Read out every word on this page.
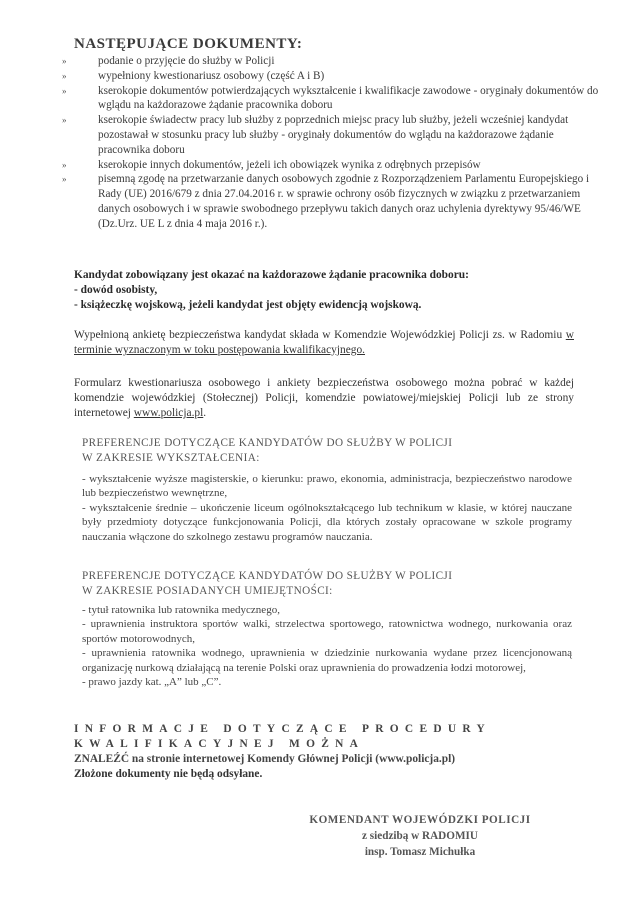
NASTĘPUJĄCE DOKUMENTY:
» podanie o przyjęcie do służby w Policji
» wypełniony kwestionariusz osobowy (część A i B)
» kserokopie dokumentów potwierdzających wykształcenie i kwalifikacje zawodowe - oryginały dokumentów do wglądu na każdorazowe żądanie pracownika doboru
» kserokopie świadectw pracy lub służby z poprzednich miejsc pracy lub służby, jeżeli wcześniej kandydat pozostawał w stosunku pracy lub służby - oryginały dokumentów do wglądu na każdorazowe żądanie pracownika doboru
» kserokopie innych dokumentów, jeżeli ich obowiązek wynika z odrębnych przepisów
» pisemną zgodę na przetwarzanie danych osobowych zgodnie z Rozporządzeniem Parlamentu Europejskiego i Rady (UE) 2016/679 z dnia 27.04.2016 r. w sprawie ochrony osób fizycznych w związku z przetwarzaniem danych osobowych i w sprawie swobodnego przepływu takich danych oraz uchylenia dyrektywy 95/46/WE (Dz.Urz. UE L z dnia 4 maja 2016 r.).
Kandydat zobowiązany jest okazać na każdorazowe żądanie pracownika doboru:
- dowód osobisty,
- książeczkę wojskową, jeżeli kandydat jest objęty ewidencją wojskową.
Wypełnioną ankietę bezpieczeństwa kandydat składa w Komendzie Wojewódzkiej Policji zs. w Radomiu w terminie wyznaczonym w toku postępowania kwalifikacyjnego.
Formularz kwestionariusza osobowego i ankiety bezpieczeństwa osobowego można pobrać w każdej komendzie wojewódzkiej (Stołecznej) Policji, komendzie powiatowej/miejskiej Policji lub ze strony internetowej www.policja.pl.
PREFERENCJE DOTYCZĄCE KANDYDATÓW DO SŁUŻBY W POLICJI
W ZAKRESIE WYKSZTAŁCENIA:
- wykształcenie wyższe magisterskie, o kierunku: prawo, ekonomia, administracja, bezpieczeństwo narodowe lub bezpieczeństwo wewnętrzne,
- wykształcenie średnie – ukończenie liceum ogólnokształcącego lub technikum w klasie, w której nauczane były przedmioty dotyczące funkcjonowania Policji, dla których zostały opracowane w szkole programy nauczania włączone do szkolnego zestawu programów nauczania.
PREFERENCJE DOTYCZĄCE KANDYDATÓW DO SŁUŻBY W POLICJI
W ZAKRESIE POSIADANYCH UMIEJĘTNOŚCI:
- tytuł ratownika lub ratownika medycznego,
- uprawnienia instruktora sportów walki, strzelectwa sportowego, ratownictwa wodnego, nurkowania oraz sportów motorowodnych,
- uprawnienia ratownika wodnego, uprawnienia w dziedzinie nurkowania wydane przez licencjonowaną organizację nurkową działającą na terenie Polski oraz uprawnienia do prowadzenia łodzi motorowej,
- prawo jazdy kat. „A” lub „C”.
INFORMACJE DOTYCZĄCE PROCEDURY KWALIFIKACYJNEJ MOŻNA
ZNALEŹĆ na stronie internetowej Komendy Głównej Policji (www.policja.pl)
Złożone dokumenty nie będą odsyłane.
KOMENDANT WOJEWÓDZKI POLICJI
z siedzibą w RADOMIU
insp. Tomasz Michułka
